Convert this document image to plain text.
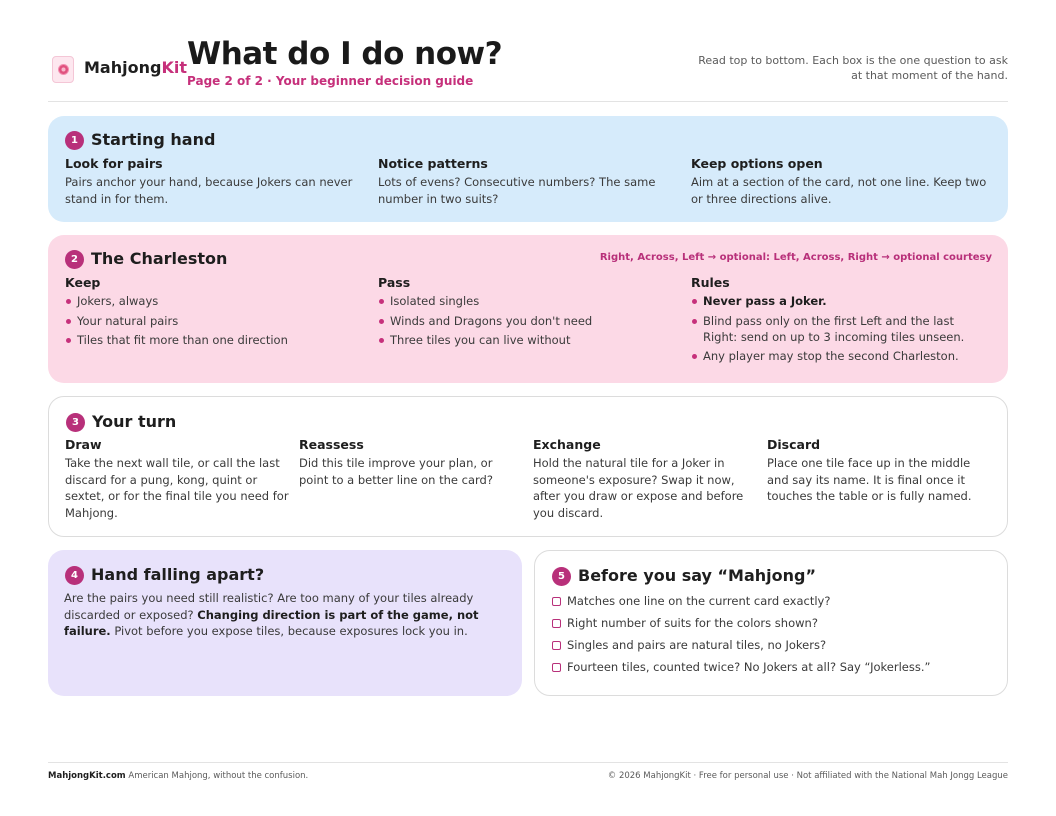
MahjongKit What do I do now?
Page 2 of 2 · Your beginner decision guide
Read top to bottom. Each box is the one question to ask at that moment of the hand.
1 Starting hand
Look for pairs
Pairs anchor your hand, because Jokers can never stand in for them.
Notice patterns
Lots of evens? Consecutive numbers? The same number in two suits?
Keep options open
Aim at a section of the card, not one line. Keep two or three directions alive.
2 The Charleston	Right, Across, Left → optional: Left, Across, Right → optional courtesy
Keep
Jokers, always
Your natural pairs
Tiles that fit more than one direction
Pass
Isolated singles
Winds and Dragons you don't need
Three tiles you can live without
Rules
Never pass a Joker.
Blind pass only on the first Left and the last Right: send on up to 3 incoming tiles unseen.
Any player may stop the second Charleston.
3 Your turn
Draw
Take the next wall tile, or call the last discard for a pung, kong, quint or sextet, or for the final tile you need for Mahjong.
Reassess
Did this tile improve your plan, or point to a better line on the card?
Exchange
Hold the natural tile for a Joker in someone's exposure? Swap it now, after you draw or expose and before you discard.
Discard
Place one tile face up in the middle and say its name. It is final once it touches the table or is fully named.
4 Hand falling apart?
Are the pairs you need still realistic? Are too many of your tiles already discarded or exposed? Changing direction is part of the game, not failure. Pivot before you expose tiles, because exposures lock you in.
5 Before you say “Mahjong”
Matches one line on the current card exactly?
Right number of suits for the colors shown?
Singles and pairs are natural tiles, no Jokers?
Fourteen tiles, counted twice? No Jokers at all? Say “Jokerless.”
MahjongKit.com American Mahjong, without the confusion.	© 2026 MahjongKit · Free for personal use · Not affiliated with the National Mah Jongg League
